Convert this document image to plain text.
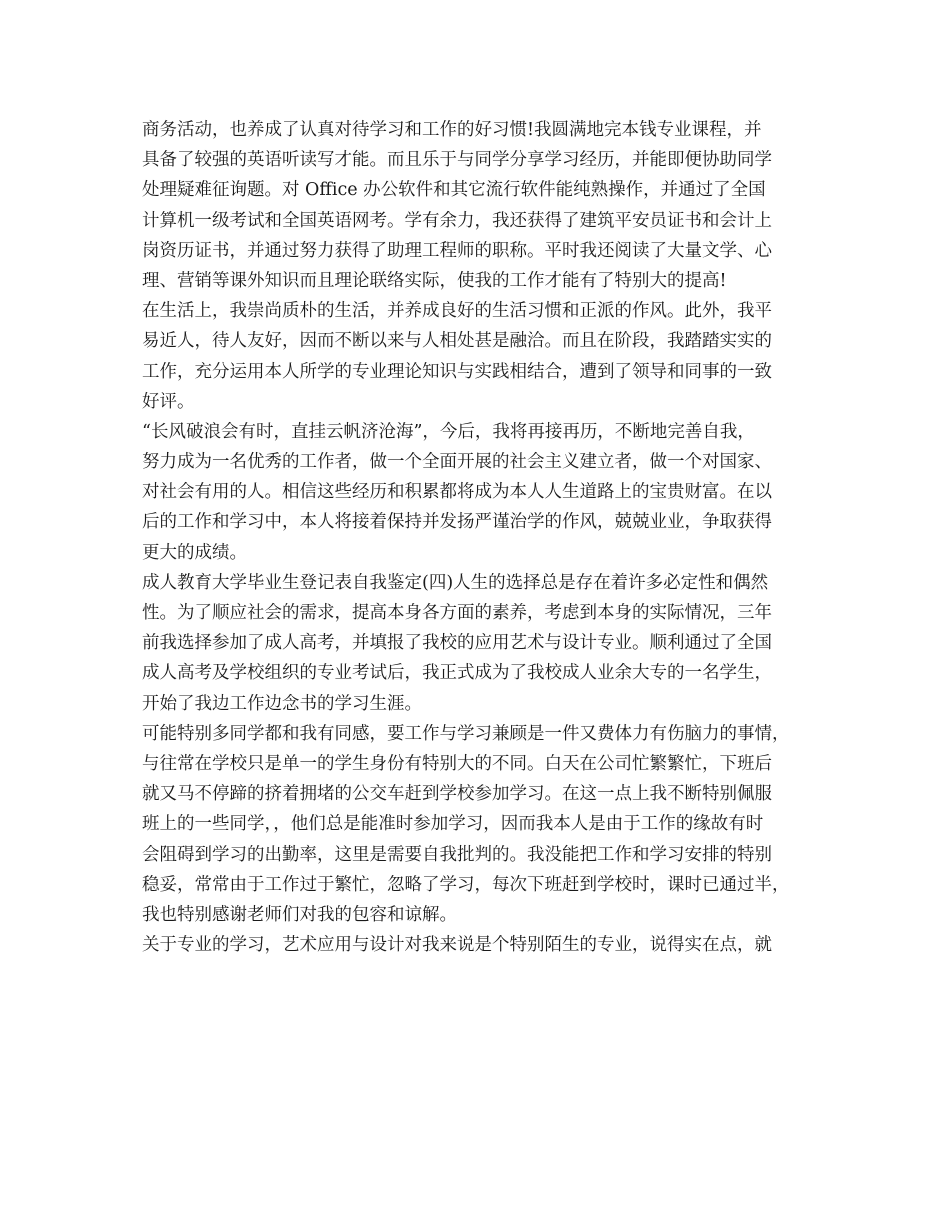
商务活动，也养成了认真对待学习和工作的好习惯!我圆满地完本钱专业课程，并
具备了较强的英语听读写才能。而且乐于与同学分享学习经历，并能即便协助同学
处理疑难征询题。对 Office 办公软件和其它流行软件能纯熟操作，并通过了全国
计算机一级考试和全国英语网考。学有余力，我还获得了建筑平安员证书和会计上
岗资历证书，并通过努力获得了助理工程师的职称。平时我还阅读了大量文学、心
理、营销等课外知识而且理论联络实际，使我的工作才能有了特别大的提高!
在生活上，我崇尚质朴的生活，并养成良好的生活习惯和正派的作风。此外，我平
易近人，待人友好，因而不断以来与人相处甚是融洽。而且在阶段，我踏踏实实的
工作，充分运用本人所学的专业理论知识与实践相结合，遭到了领导和同事的一致
好评。
“长风破浪会有时，直挂云帆济沧海”，今后，我将再接再历，不断地完善自我，
努力成为一名优秀的工作者，做一个全面开展的社会主义建立者，做一个对国家、
对社会有用的人。相信这些经历和积累都将成为本人人生道路上的宝贵财富。在以
后的工作和学习中，本人将接着保持并发扬严谨治学的作风，兢兢业业，争取获得
更大的成绩。
成人教育大学毕业生登记表自我鉴定(四)人生的选择总是存在着许多必定性和偶然
性。为了顺应社会的需求，提高本身各方面的素养，考虑到本身的实际情况，三年
前我选择参加了成人高考，并填报了我校的应用艺术与设计专业。顺利通过了全国
成人高考及学校组织的专业考试后，我正式成为了我校成人业余大专的一名学生，
开始了我边工作边念书的学习生涯。
可能特别多同学都和我有同感，要工作与学习兼顾是一件又费体力有伤脑力的事情，
与往常在学校只是单一的学生身份有特别大的不同。白天在公司忙繁繁忙，下班后
就又马不停蹄的挤着拥堵的公交车赶到学校参加学习。在这一点上我不断特别佩服
班上的一些同学，，他们总是能准时参加学习，因而我本人是由于工作的缘故有时
会阻碍到学习的出勤率，这里是需要自我批判的。我没能把工作和学习安排的特别
稳妥，常常由于工作过于繁忙，忽略了学习，每次下班赶到学校时，课时已通过半，
我也特别感谢老师们对我的包容和谅解。
关于专业的学习，艺术应用与设计对我来说是个特别陌生的专业，说得实在点，就
